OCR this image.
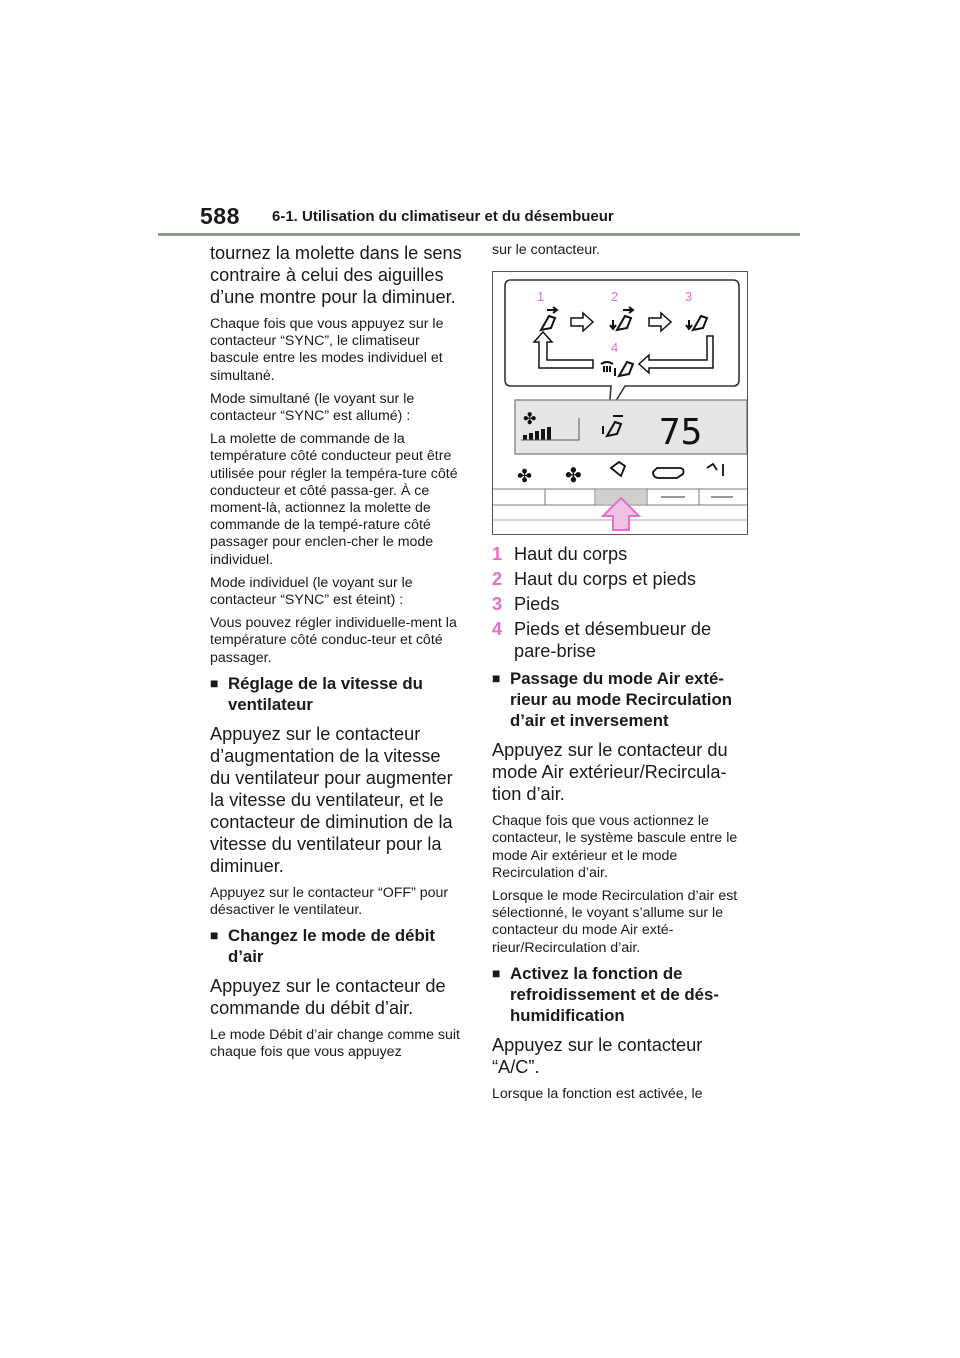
588 6-1. Utilisation du climatiseur et du désembueur

tournez la molette dans le sens contraire à celui des aiguilles d’une montre pour la diminuer.

Chaque fois que vous appuyez sur le contacteur “SYNC”, le climatiseur bascule entre les modes individuel et simultané.

Mode simultané (le voyant sur le contacteur “SYNC” est allumé) :

La molette de commande de la température côté conducteur peut être utilisée pour régler la tempéra-ture côté conducteur et côté passa-ger. À ce moment-là, actionnez la molette de commande de la tempé-rature côté passager pour enclen-cher le mode individuel.

Mode individuel (le voyant sur le contacteur “SYNC” est éteint) :

Vous pouvez régler individuelle-ment la température côté conduc-teur et côté passager.

■ Réglage de la vitesse du ventilateur

Appuyez sur le contacteur d’augmentation de la vitesse du ventilateur pour augmenter la vitesse du ventilateur, et le contacteur de diminution de la vitesse du ventilateur pour la diminuer.

Appuyez sur le contacteur “OFF” pour désactiver le ventilateur.

■ Changez le mode de débit d’air

Appuyez sur le contacteur de commande du débit d’air.

Le mode Débit d’air change comme suit chaque fois que vous appuyez

sur le contacteur.

1	2	3
4
✤	75
✤ ✤
1 Haut du corps
2 Haut du corps et pieds
3 Pieds
4 Pieds et désembueur de pare-brise
■ Passage du mode Air exté-rieur au mode Recirculation d’air et inversement

Appuyez sur le contacteur du mode Air extérieur/Recircula-tion d’air.

Chaque fois que vous actionnez le contacteur, le système bascule entre le mode Air extérieur et le mode Recirculation d’air.

Lorsque le mode Recirculation d’air est sélectionné, le voyant s’allume sur le contacteur du mode Air exté-rieur/Recirculation d’air.

■ Activez la fonction de refroidissement et de dés-humidification

Appuyez sur le contacteur “A/C”.

Lorsque la fonction est activée, le
